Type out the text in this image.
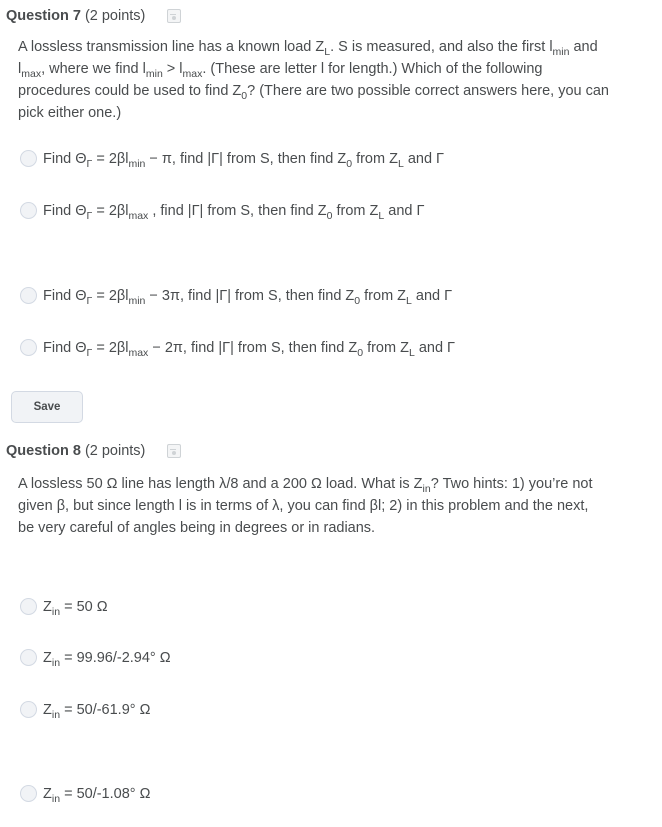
Question 7 (2 points)
A lossless transmission line has a known load $Z_L$. S is measured, and also the first $l_{min}$ and
$l_{max}$, where we find $l_{min} > l_{max}$. (These are letter l for length.) Which of the following
procedures could be used to find $Z_0$? (There are two possible correct answers here, you can
pick either one.)
Find $\Theta_\Gamma = 2\beta l_{min} - \pi$, find |Γ| from S, then find $Z_0$ from $Z_L$ and Γ
Find $\Theta_\Gamma = 2\beta l_{max}$ , find |Γ| from S, then find $Z_0$ from $Z_L$ and Γ
Find $\Theta_\Gamma = 2\beta l_{min} - 3\pi$, find |Γ| from S, then find $Z_0$ from $Z_L$ and Γ
Find $\Theta_\Gamma = 2\beta l_{max} - 2\pi$, find |Γ| from S, then find $Z_0$ from $Z_L$ and Γ
Save
Question 8 (2 points)
A lossless 50 Ω line has length λ/8 and a 200 Ω load. What is $Z_{in}$? Two hints: 1) you’re not
given β, but since length l is in terms of λ, you can find βl; 2) in this problem and the next,
be very careful of angles being in degrees or in radians.
$Z_{in} = 50$ Ω
$Z_{in} = 99.96/-2.94^\circ$ Ω
$Z_{in} = 50/-61.9^\circ$ Ω
$Z_{in} = 50/-1.08^\circ$ Ω
